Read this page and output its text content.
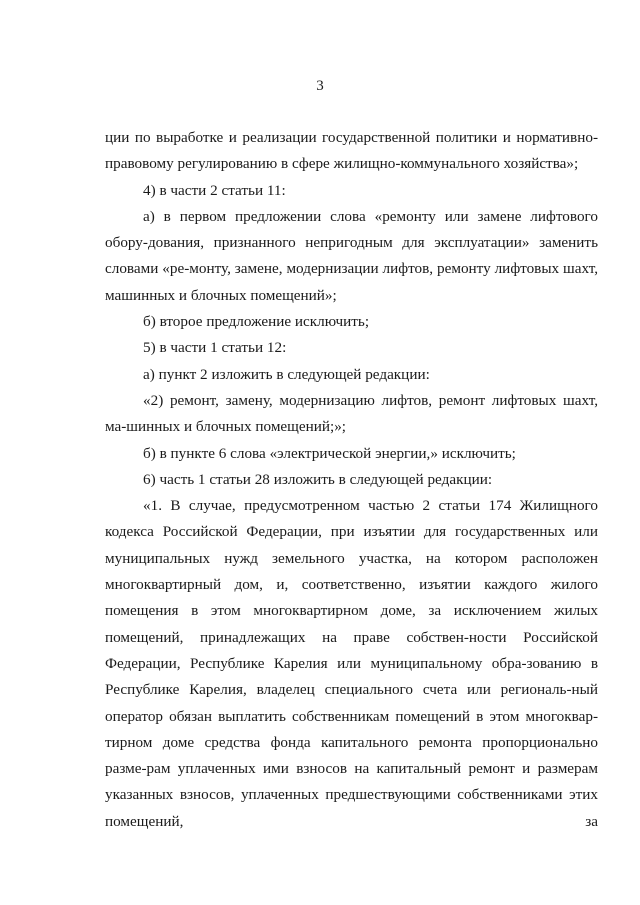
3

ции по выработке и реализации государственной политики и нормативно-правовому регулированию в сфере жилищно-коммунального хозяйства»;

4) в части 2 статьи 11:

а) в первом предложении слова «ремонту или замене лифтового обору-дования, признанного непригодным для эксплуатации» заменить словами «ре-монту, замене, модернизации лифтов, ремонту лифтовых шахт, машинных и блочных помещений»;

б) второе предложение исключить;

5) в части 1 статьи 12:

а) пункт 2 изложить в следующей редакции:

«2) ремонт, замену, модернизацию лифтов, ремонт лифтовых шахт, ма-шинных и блочных помещений;»;

б) в пункте 6 слова «электрической энергии,» исключить;

6) часть 1 статьи 28 изложить в следующей редакции:

«1. В случае, предусмотренном частью 2 статьи 174 Жилищного кодекса Российской Федерации, при изъятии для государственных или муниципальных нужд земельного участка, на котором расположен многоквартирный дом, и, соответственно, изъятии каждого жилого помещения в этом многоквартирном доме, за исключением жилых помещений, принадлежащих на праве собствен-ности Российской Федерации, Республике Карелия или муниципальному обра-зованию в Республике Карелия, владелец специального счета или региональ-ный оператор обязан выплатить собственникам помещений в этом многоквар-тирном доме средства фонда капитального ремонта пропорционально разме-рам уплаченных ими взносов на капитальный ремонт и размерам указанных взносов, уплаченных предшествующими собственниками этих помещений, за
